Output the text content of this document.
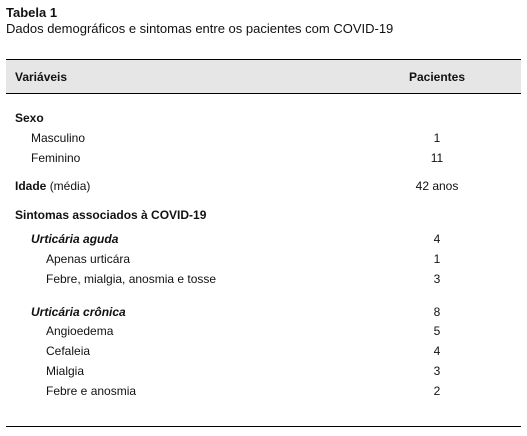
Tabela 1
Dados demográficos e sintomas entre os pacientes com COVID-19
Variáveis	Pacientes
Sexo
Masculino	1
Feminino	11
Idade (média)	42 anos
Sintomas associados à COVID-19
Urticária aguda	4
Apenas urticára	1
Febre, mialgia, anosmia e tosse	3
Urticária crônica	8
Angioedema	5
Cefaleia	4
Mialgia	3
Febre e anosmia	2
